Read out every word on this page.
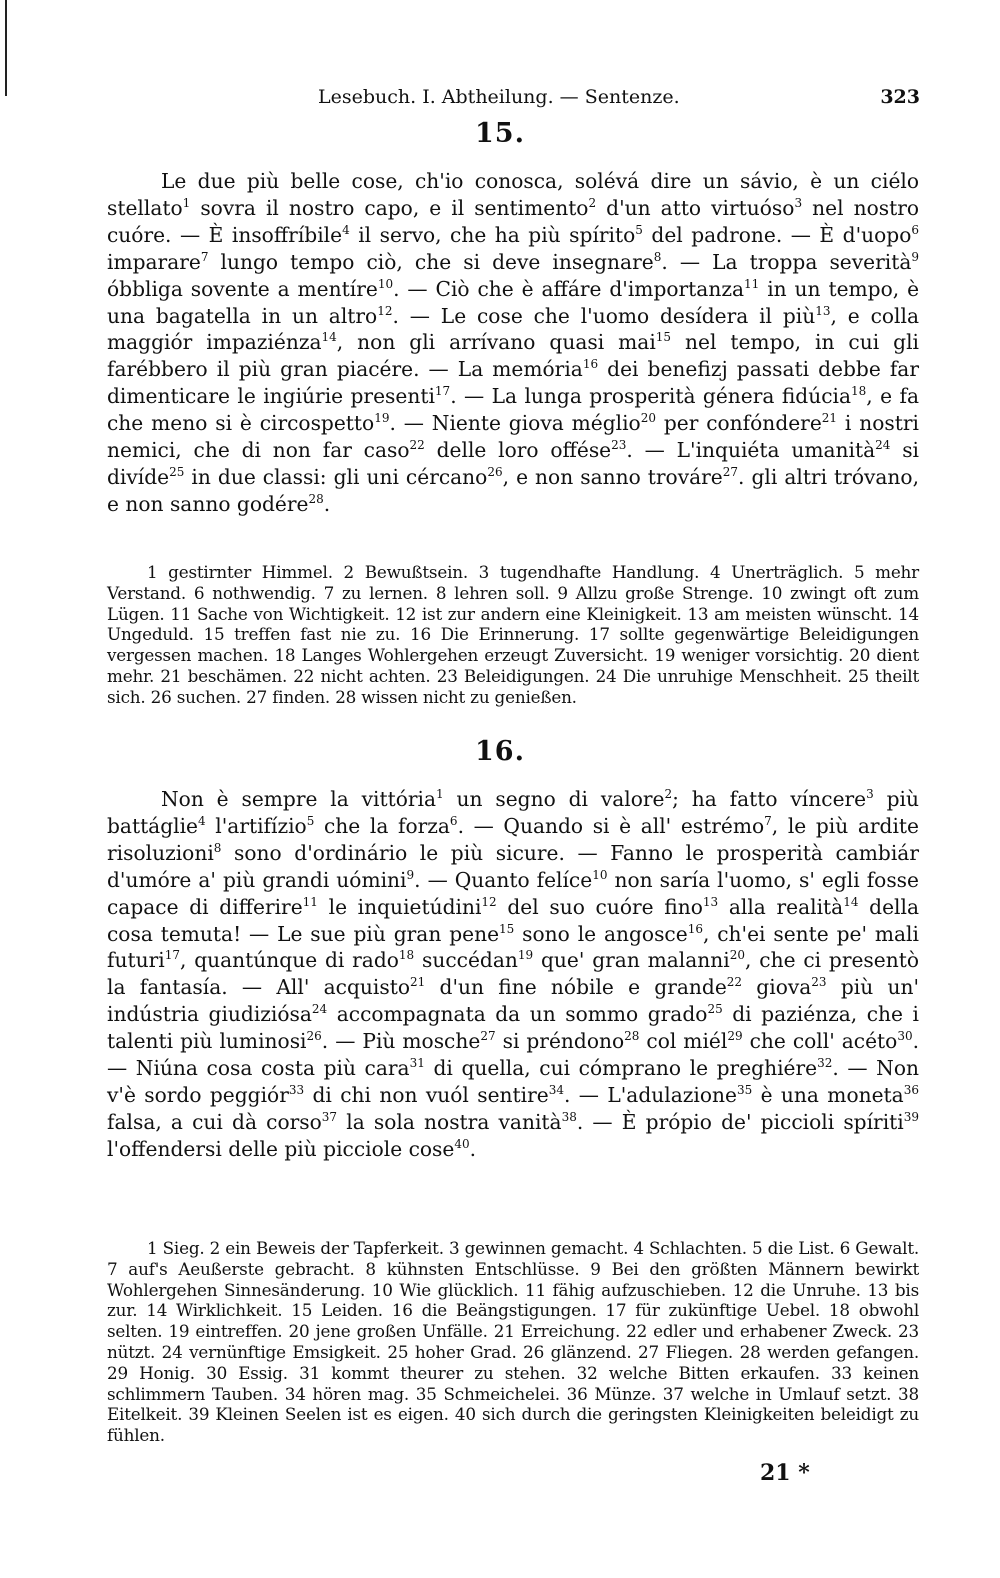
Lesebuch. I. Abtheilung. — Sentenze.	323
15.

Le due più belle cose, ch'io conosca, solévá dire un sávio, è un ciélo stellato$^1$ sovra il nostro capo, e il sentimento$^2$ d'un atto virtuóso$^3$ nel nostro cuóre. — È insoffríbile$^4$ il servo, che ha più spírito$^5$ del padrone. — È d'uopo$^6$ imparare$^7$ lungo tempo ciò, che si deve insegnare$^8$. — La troppa severità$^9$ óbbliga sovente a mentíre$^{10}$. — Ciò che è affáre d'importanza$^{11}$ in un tempo, è una bagatella in un altro$^{12}$. — Le cose che l'uomo desídera il più$^{13}$, e colla maggiór impaziénza$^{14}$, non gli arrívano quasi mai$^{15}$ nel tempo, in cui gli farébbero il più gran piacére. — La memória$^{16}$ dei benefizj passati debbe far dimenticare le ingiúrie presenti$^{17}$. — La lunga prosperità génera fidúcia$^{18}$, e fa che meno si è circospetto$^{19}$. — Niente giova méglio$^{20}$ per confóndere$^{21}$ i nostri nemici, che di non far caso$^{22}$ delle loro offése$^{23}$. — L'inquiéta umanità$^{24}$ si divíde$^{25}$ in due classi: gli uni cércano$^{26}$, e non sanno trováre$^{27}$. gli altri tróvano, e non sanno godére$^{28}$.

1 gestirnter Himmel. 2 Bewußtsein. 3 tugendhafte Handlung. 4 Unerträglich. 5 mehr Verstand. 6 nothwendig. 7 zu lernen. 8 lehren soll. 9 Allzu große Strenge. 10 zwingt oft zum Lügen. 11 Sache von Wichtigkeit. 12 ist zur andern eine Kleinigkeit. 13 am meisten wünscht. 14 Ungeduld. 15 treffen fast nie zu. 16 Die Erinnerung. 17 sollte gegenwärtige Beleidigungen vergessen machen. 18 Langes Wohlergehen erzeugt Zuversicht. 19 weniger vorsichtig. 20 dient mehr. 21 beschämen. 22 nicht achten. 23 Beleidigungen. 24 Die unruhige Menschheit. 25 theilt sich. 26 suchen. 27 finden. 28 wissen nicht zu genießen.

16.

Non è sempre la vittória$^1$ un segno di valore$^2$; ha fatto víncere$^3$ più battáglie$^4$ l'artifízio$^5$ che la forza$^6$. — Quando si è all' estrémo$^7$, le più ardite risoluzioni$^8$ sono d'ordinário le più sicure. — Fanno le prosperità cambiár d'umóre a' più grandi uómini$^9$. — Quanto felíce$^{10}$ non saría l'uomo, s' egli fosse capace di differire$^{11}$ le inquietúdini$^{12}$ del suo cuóre fino$^{13}$ alla realità$^{14}$ della cosa temuta! — Le sue più gran pene$^{15}$ sono le angosce$^{16}$, ch'ei sente pe' mali futuri$^{17}$, quantúnque di rado$^{18}$ succédan$^{19}$ que' gran malanni$^{20}$, che ci presentò la fantasía. — All' acquisto$^{21}$ d'un fine nóbile e grande$^{22}$ giova$^{23}$ più un' indústria giudiziósa$^{24}$ accompagnata da un sommo grado$^{25}$ di paziénza, che i talenti più luminosi$^{26}$. — Più mosche$^{27}$ si préndono$^{28}$ col miél$^{29}$ che coll' acéto$^{30}$. — Niúna cosa costa più cara$^{31}$ di quella, cui cómprano le preghiére$^{32}$. — Non v'è sordo peggiór$^{33}$ di chi non vuól sentire$^{34}$. — L'adulazione$^{35}$ è una moneta$^{36}$ falsa, a cui dà corso$^{37}$ la sola nostra vanità$^{38}$. — È própio de' piccioli spíriti$^{39}$ l'offendersi delle più picciole cose$^{40}$.

1 Sieg. 2 ein Beweis der Tapferkeit. 3 gewinnen gemacht. 4 Schlachten. 5 die List. 6 Gewalt. 7 auf's Aeußerste gebracht. 8 kühnsten Entschlüsse. 9 Bei den größten Männern bewirkt Wohlergehen Sinnesänderung. 10 Wie glücklich. 11 fähig aufzuschieben. 12 die Unruhe. 13 bis zur. 14 Wirklichkeit. 15 Leiden. 16 die Beängstigungen. 17 für zukünftige Uebel. 18 obwohl selten. 19 eintreffen. 20 jene großen Unfälle. 21 Erreichung. 22 edler und erhabener Zweck. 23 nützt. 24 vernünftige Emsigkeit. 25 hoher Grad. 26 glänzend. 27 Fliegen. 28 werden gefangen. 29 Honig. 30 Essig. 31 kommt theurer zu stehen. 32 welche Bitten erkaufen. 33 keinen schlimmern Tauben. 34 hören mag. 35 Schmeichelei. 36 Münze. 37 welche in Umlauf setzt. 38 Eitelkeit. 39 Kleinen Seelen ist es eigen. 40 sich durch die geringsten Kleinigkeiten beleidigt zu fühlen.

21 *
